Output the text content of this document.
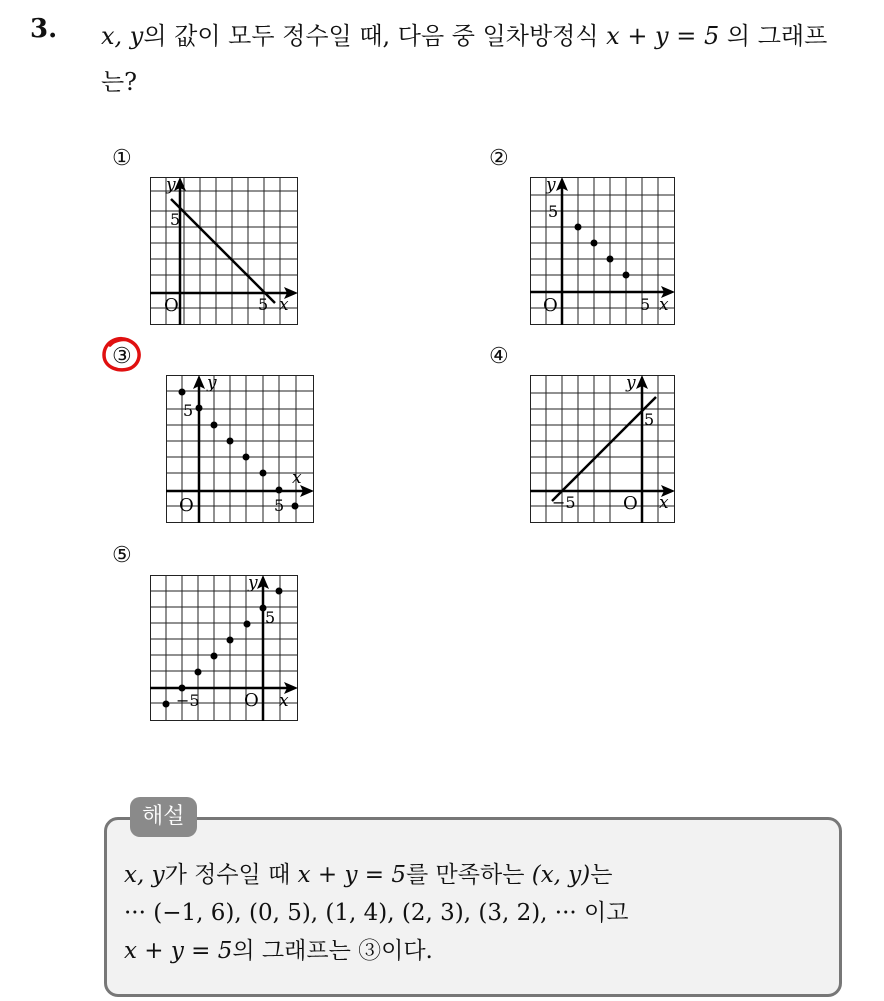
3. x, y의 값이 모두 정수일 때, 다음 중 일차방정식 x + y = 5 의 그래프
는?
①	②
③	④
⑤
5
5
O	x
y
5
5
O	x
y
5
5
O
x
y
5
−5	O x
y
5
−5 O x
y
해설
x, y가 정수일 때 x + y = 5를 만족하는 (x, y)는
··· (−1, 6), (0, 5), (1, 4), (2, 3), (3, 2), ··· 이고
x + y = 5의 그래프는 ③이다.
